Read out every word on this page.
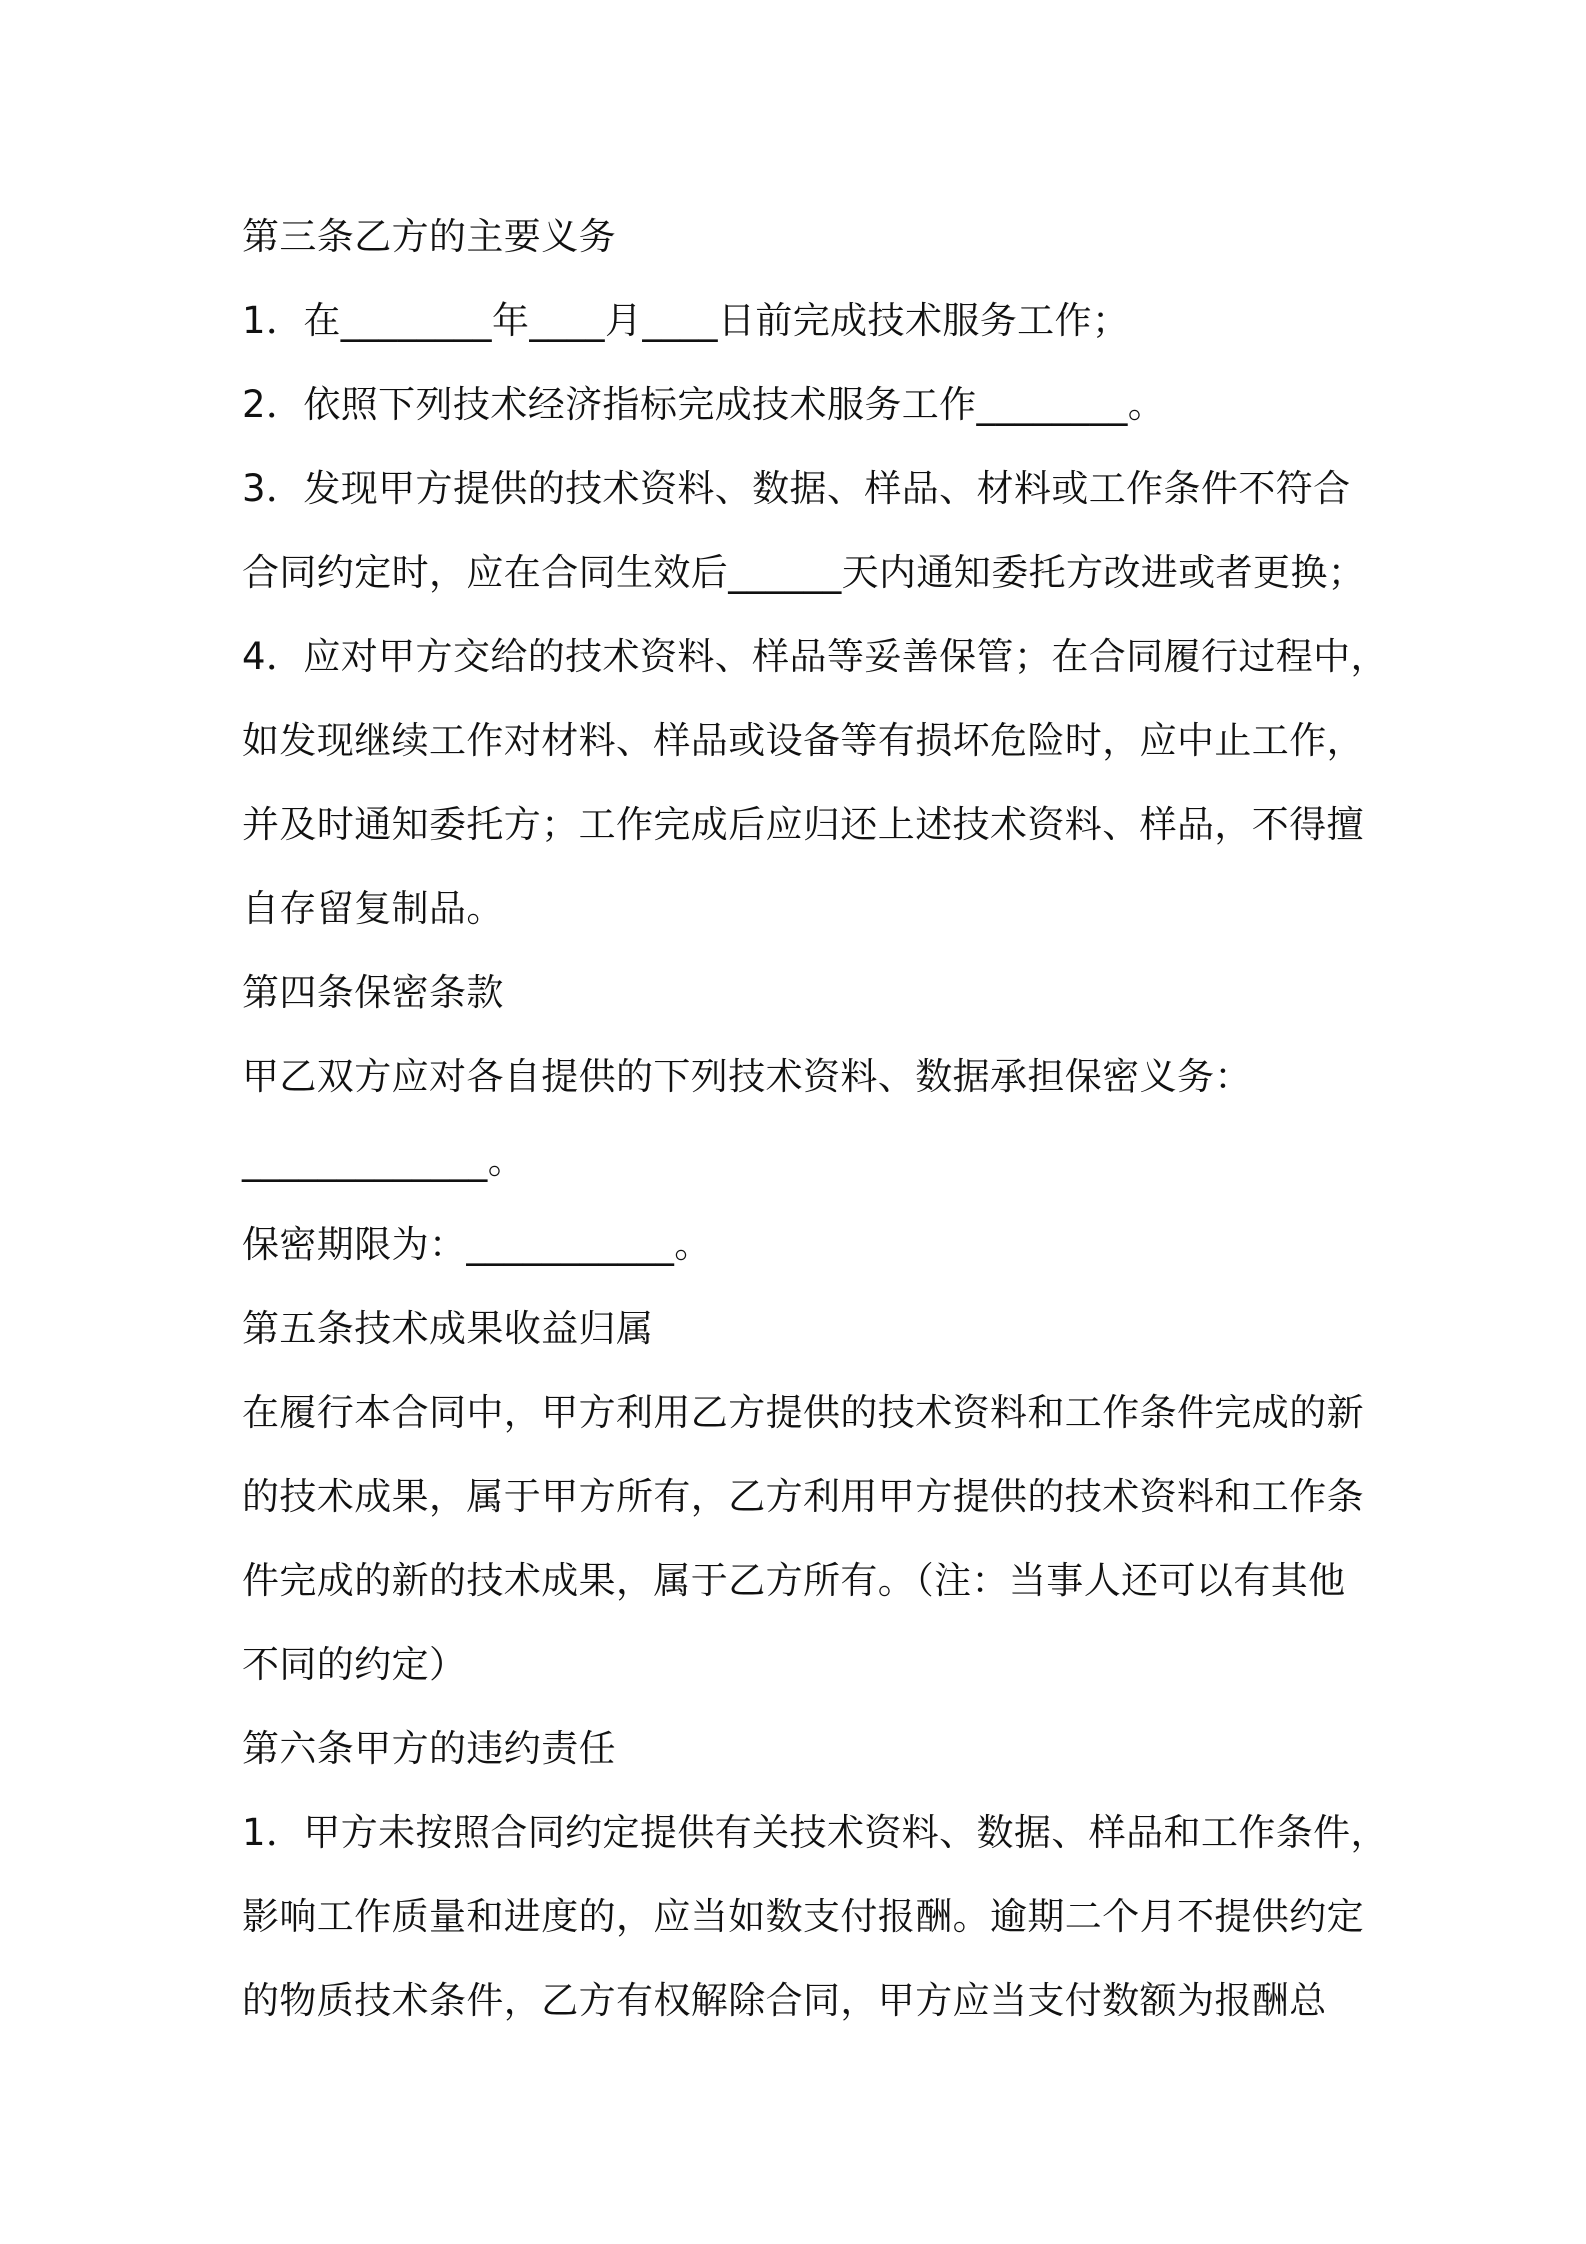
第三条乙方的主要义务
1．在________年____月____日前完成技术服务工作；
2．依照下列技术经济指标完成技术服务工作________。
3．发现甲方提供的技术资料、数据、样品、材料或工作条件不符合
合同约定时，应在合同生效后______天内通知委托方改进或者更换；
4．应对甲方交给的技术资料、样品等妥善保管；在合同履行过程中，
如发现继续工作对材料、样品或设备等有损坏危险时，应中止工作，
并及时通知委托方；工作完成后应归还上述技术资料、样品，不得擅
自存留复制品。
第四条保密条款
甲乙双方应对各自提供的下列技术资料、数据承担保密义务：
_____________。
保密期限为：___________。
第五条技术成果收益归属
在履行本合同中，甲方利用乙方提供的技术资料和工作条件完成的新
的技术成果，属于甲方所有，乙方利用甲方提供的技术资料和工作条
件完成的新的技术成果，属于乙方所有。（注：当事人还可以有其他
不同的约定）
第六条甲方的违约责任
1．甲方未按照合同约定提供有关技术资料、数据、样品和工作条件，
影响工作质量和进度的，应当如数支付报酬。逾期二个月不提供约定
的物质技术条件，乙方有权解除合同，甲方应当支付数额为报酬总
